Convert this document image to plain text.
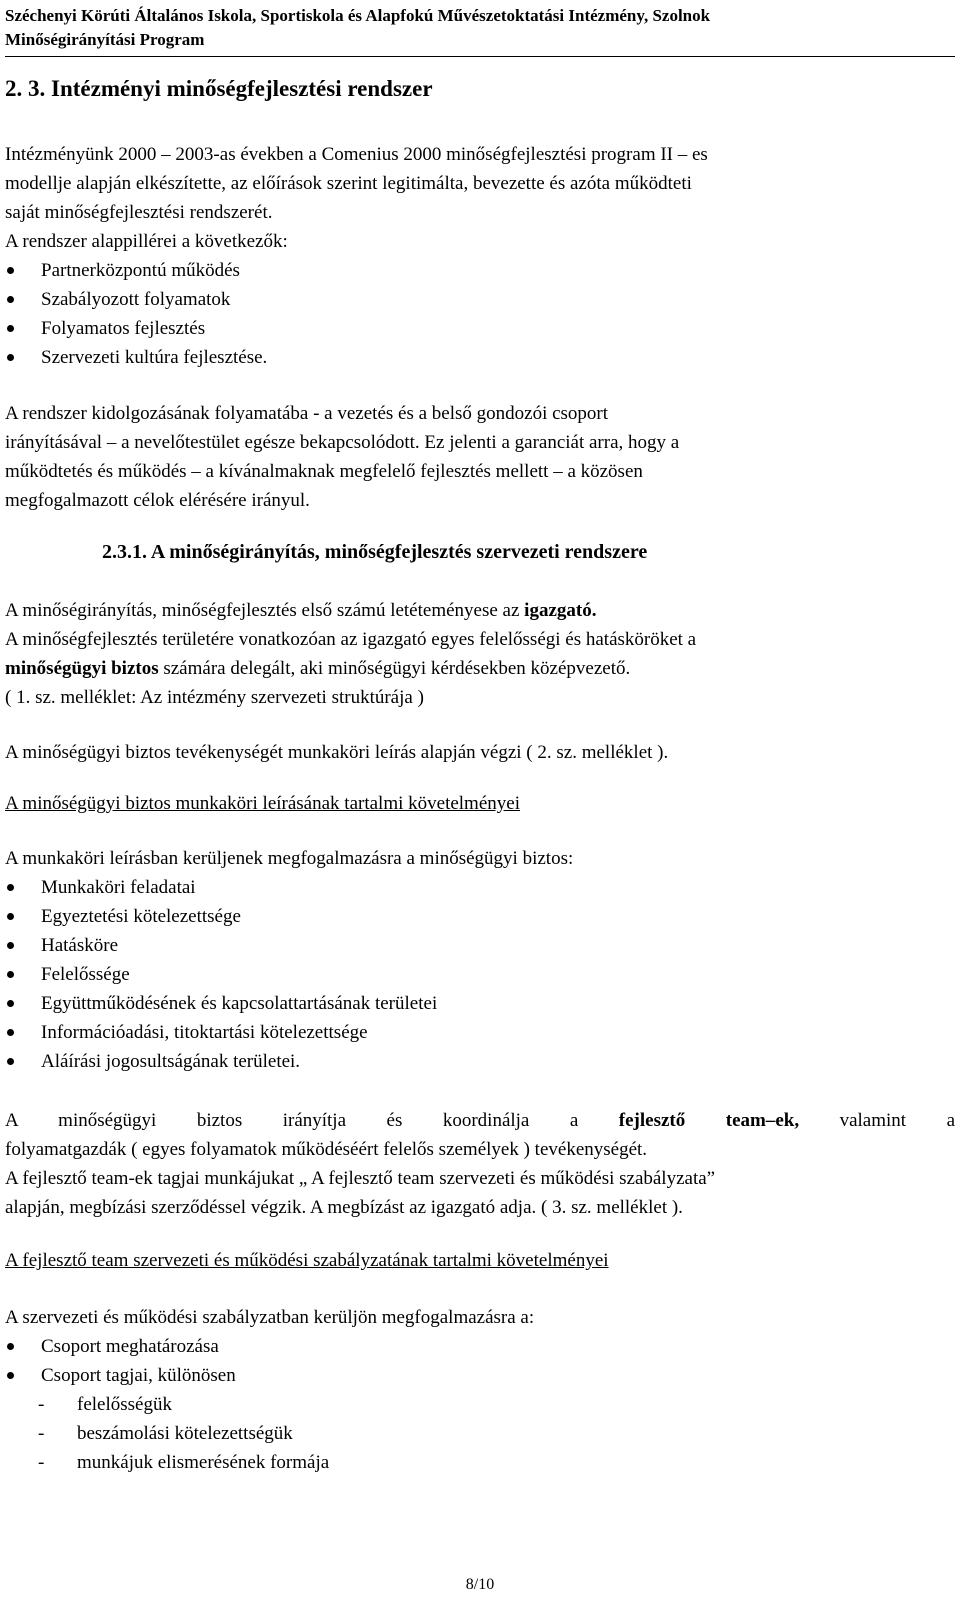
Széchenyi Körúti Általános Iskola, Sportiskola és Alapfokú Művészetoktatási Intézmény, Szolnok
Minőségirányítási Program
2. 3. Intézményi minőségfejlesztési rendszer
Intézményünk 2000 – 2003-as években a Comenius 2000 minőségfejlesztési program II – es
modellje alapján elkészítette, az előírások szerint legitimálta, bevezette és azóta működteti
saját minőségfejlesztési rendszerét.
A rendszer alappillérei a következők:
Partnerközpontú működés
Szabályozott folyamatok
Folyamatos fejlesztés
Szervezeti kultúra fejlesztése.
A rendszer kidolgozásának folyamatába - a vezetés és a belső gondozói csoport
irányításával – a nevelőtestület egésze bekapcsolódott. Ez jelenti a garanciát arra, hogy a
működtetés és működés – a kívánalmaknak megfelelő fejlesztés mellett – a közösen
megfogalmazott célok elérésére irányul.
2.3.1. A minőségirányítás, minőségfejlesztés szervezeti rendszere
A minőségirányítás, minőségfejlesztés első számú letéteményese az igazgató.
A minőségfejlesztés területére vonatkozóan az igazgató egyes felelősségi és hatásköröket a
minőségügyi biztos számára delegált, aki minőségügyi kérdésekben középvezető.
( 1. sz. melléklet: Az intézmény szervezeti struktúrája )
A minőségügyi biztos tevékenységét munkaköri leírás alapján végzi ( 2. sz. melléklet ).
A minőségügyi biztos munkaköri leírásának tartalmi követelményei
A munkaköri leírásban kerüljenek megfogalmazásra a minőségügyi biztos:
Munkaköri feladatai
Egyeztetési kötelezettsége
Hatásköre
Felelőssége
Együttműködésének és kapcsolattartásának területei
Információadási, titoktartási kötelezettsége
Aláírási jogosultságának területei.
A minőségügyi biztos irányítja és koordinálja a fejlesztő team–ek, valamint a
folyamatgazdák ( egyes folyamatok működéséért felelős személyek ) tevékenységét.
A fejlesztő team-ek tagjai munkájukat „ A fejlesztő team szervezeti és működési szabályzata”
alapján, megbízási szerződéssel végzik. A megbízást az igazgató adja. ( 3. sz. melléklet ).
A fejlesztő team szervezeti és működési szabályzatának tartalmi követelményei
A szervezeti és működési szabályzatban kerüljön megfogalmazásra a:
Csoport meghatározása
Csoport tagjai, különösen
- felelősségük
- beszámolási kötelezettségük
- munkájuk elismerésének formája
8/10
